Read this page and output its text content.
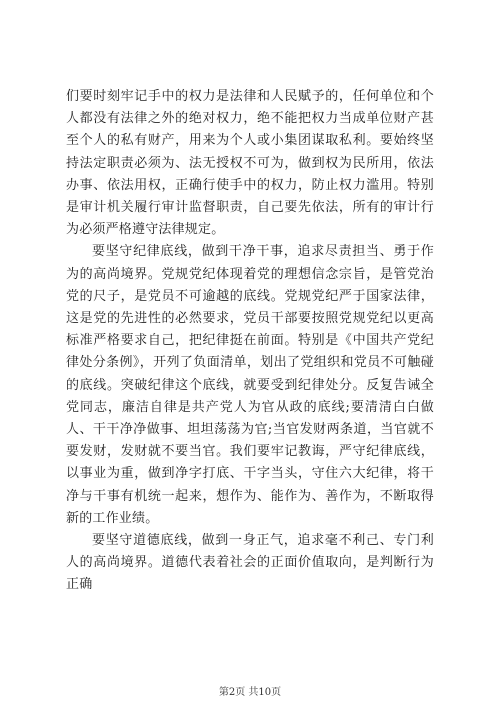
们要时刻牢记手中的权力是法律和人民赋予的，任何单位和个人都没有法律之外的绝对权力，绝不能把权力当成单位财产甚至个人的私有财产，用来为个人或小集团谋取私利。要始终坚持法定职责必须为、法无授权不可为，做到权为民所用，依法办事、依法用权，正确行使手中的权力，防止权力滥用。特别是审计机关履行审计监督职责，自己要先依法，所有的审计行为必须严格遵守法律规定。

要坚守纪律底线，做到干净干事，追求尽责担当、勇于作为的高尚境界。党规党纪体现着党的理想信念宗旨，是管党治党的尺子，是党员不可逾越的底线。党规党纪严于国家法律，这是党的先进性的必然要求，党员干部要按照党规党纪以更高标准严格要求自己，把纪律挺在前面。特别是《中国共产党纪律处分条例》，开列了负面清单，划出了党组织和党员不可触碰的底线。突破纪律这个底线，就要受到纪律处分。反复告诫全党同志，廉洁自律是共产党人为官从政的底线;要清清白白做人、干干净净做事、坦坦荡荡为官;当官发财两条道，当官就不要发财，发财就不要当官。我们要牢记教诲，严守纪律底线，以事业为重，做到净字打底、干字当头，守住六大纪律，将干净与干事有机统一起来，想作为、能作为、善作为，不断取得新的工作业绩。

要坚守道德底线，做到一身正气，追求毫不利己、专门利人的高尚境界。道德代表着社会的正面价值取向，是判断行为正确

第2页 共10页
